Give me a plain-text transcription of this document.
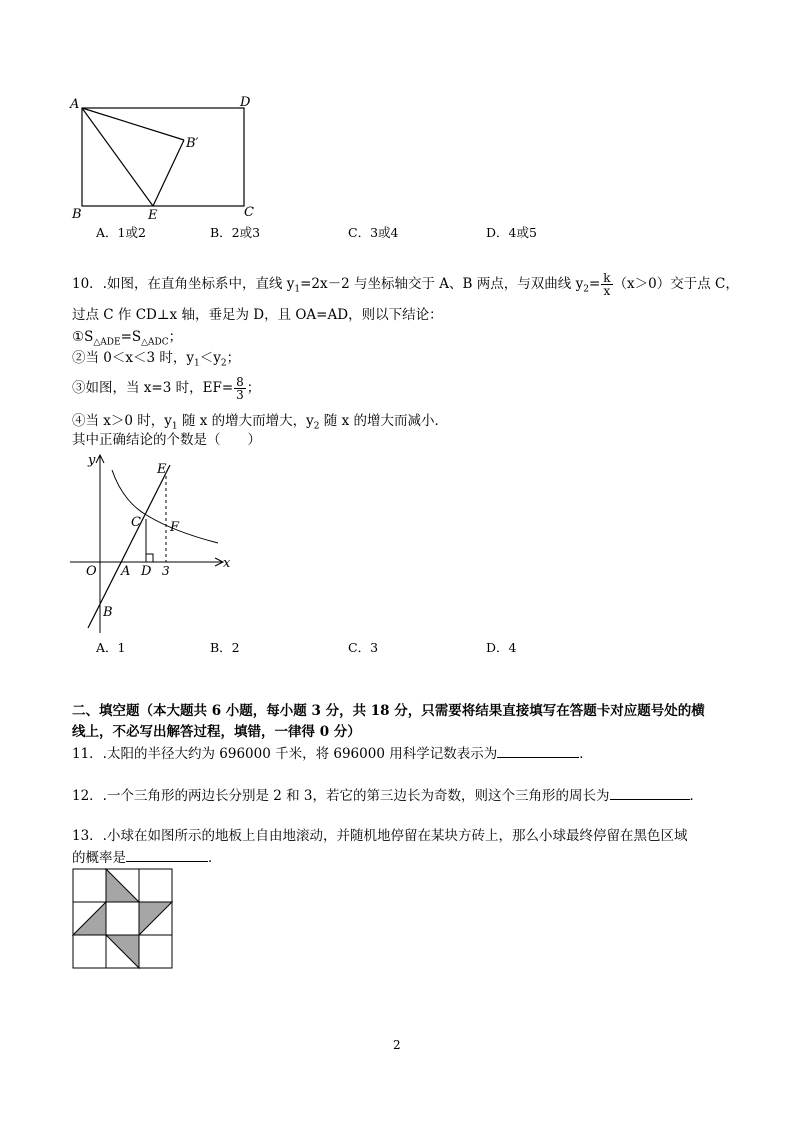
A	D
B′
B	E	C
A．1或2	B．2或3	C．3或4	D．4或5
10．.如图，在直角坐标系中，直线 $y_1=2x-2$ 与坐标轴交于 A、B 两点，与双曲线 $y_2= \frac{k}{x} (x>0)$交于点 C，
过点 C 作 CD⊥x 轴，垂足为 D，且 OA=AD，则以下结论：
$①S_{\triangle ADE}=S_{\triangle ADC}$；
②当 0＜x＜3 时，$y_1<y_2$；
③如图，当 x=3 时，$EF= \frac{8}{3}$ ；
④当 x＞0 时，$y_1$ 随 x 的增大而增大，$y_2$ 随 x 的增大而减小．
其中正确结论的个数是（　　）
y
E
C F
O A D 3	x
B
A．1	B．2	C．3	D．4
二、填空题（本大题共 6 小题，每小题 3 分，共 18 分，只需要将结果直接填写在答题卡对应题号处的横
线上，不必写出解答过程，填错，一律得 0 分）
11．.太阳的半径大约为 696000 千米，将 696000 用科学记数表示为	．
12．.一个三角形的两边长分别是 2 和 3，若它的第三边长为奇数，则这个三角形的周长为	．
13．.小球在如图所示的地板上自由地滚动，并随机地停留在某块方砖上，那么小球最终停留在黑色区域
的概率是	．
2
